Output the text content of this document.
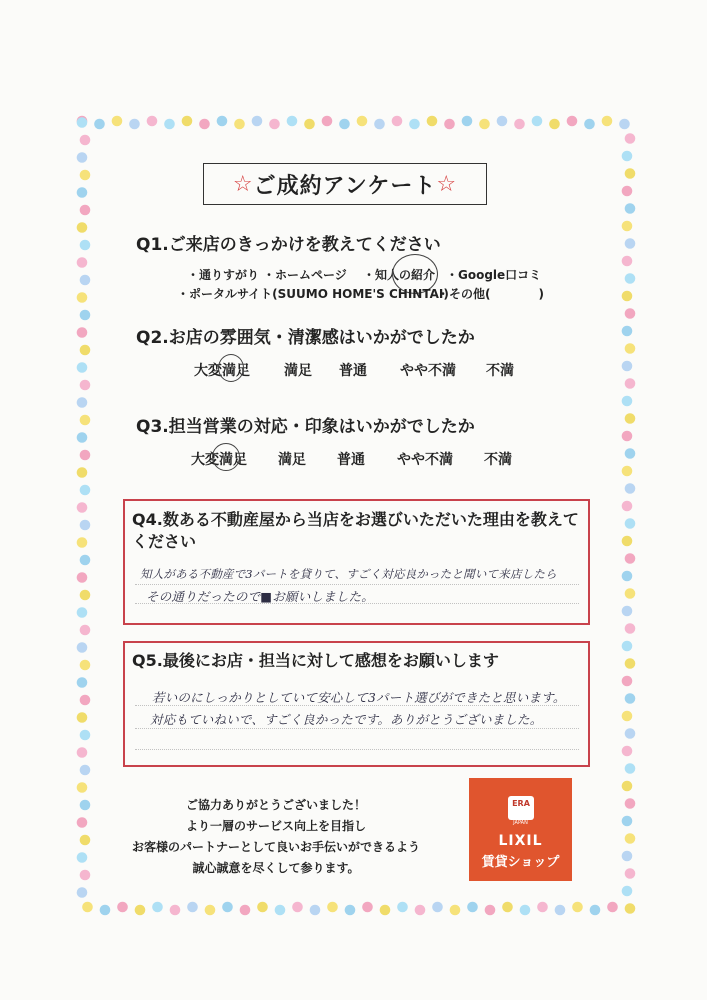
☆ ご成約アンケート ☆
Q1.ご来店のきっかけを教えてください
・通りすがり ・ホームページ ・知人の紹介 ・Google口コミ
・ポータルサイト(SUUMO HOME'S CHINTAI)
・その他(　　　　)
Q2.お店の雰囲気・清潔感はいかがでしたか
大変満足	満足	普通	やや不満	不満
Q3.担当営業の対応・印象はいかがでしたか
大変満足	満足	普通	やや不満	不満
Q4.数ある不動産屋から当店をお選びいただいた理由を教えて
ください
知人がある不動産で3パートを貸りて、すごく対応良かったと聞いて来店したら
その通りだったので■お願いしました。
Q5.最後にお店・担当に対して感想をお願いします
若いのにしっかりとしていて安心して3パート選びができたと思います。
対応もていねいで、すごく良かったです。ありがとうございました。
ご協力ありがとうございました！
より一層のサービス向上を目指し
お客様のパートナーとして良いお手伝いができるよう
誠心誠意を尽くして参ります。
ERA
JAPAN
LIXIL
賃貸ショップ
